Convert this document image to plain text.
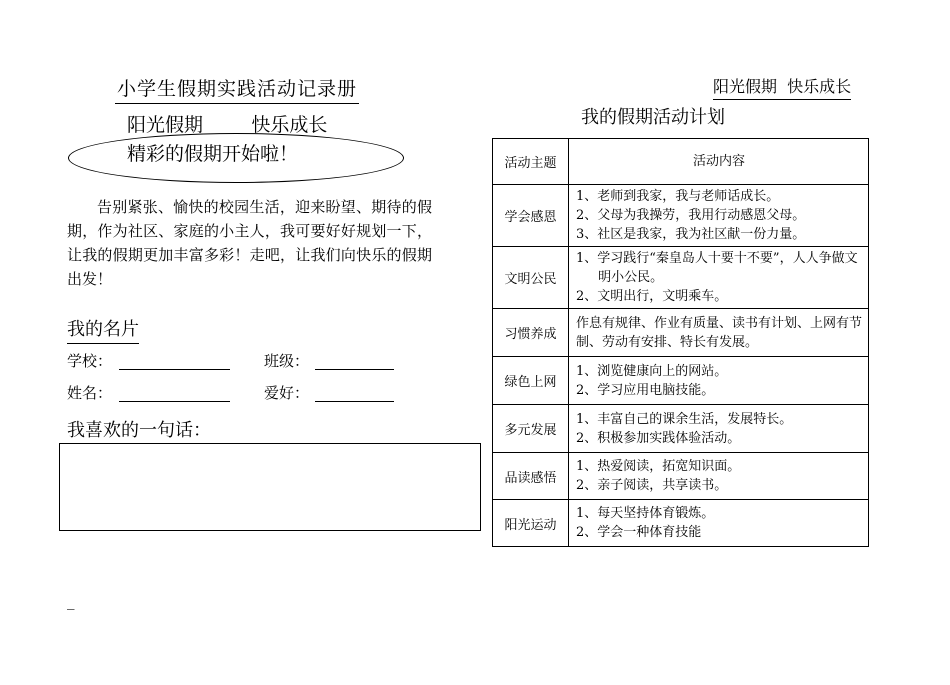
小学生假期实践活动记录册
阳光假期        快乐成长
精彩的假期开始啦！
告别紧张、愉快的校园生活，迎来盼望、期待的假期，作为社区、家庭的小主人，我可要好好规划一下，让我的假期更加丰富多彩！走吧，让我们向快乐的假期出发！
我的名片
学校：	班级：
姓名：	爱好：
我喜欢的一句话：
_
阳光假期  快乐成长
我的假期活动计划
活动主题	活动内容
学会感恩	1、老师到我家，我与老师话成长。
2、父母为我操劳，我用行动感恩父母。
3、社区是我家，我为社区献一份力量。

文明公民	1、学习践行“秦皇岛人十要十不要”，人人争做文明小公民。
2、文明出行，文明乘车。

习惯养成	作息有规律、作业有质量、读书有计划、上网有节制、劳动有安排、特长有发展。

绿色上网	1、浏览健康向上的网站。
2、学习应用电脑技能。

多元发展	1、丰富自己的课余生活，发展特长。
2、积极参加实践体验活动。

品读感悟	1、热爱阅读，拓宽知识面。
2、亲子阅读，共享读书。

阳光运动	1、每天坚持体育锻炼。
2、学会一种体育技能
